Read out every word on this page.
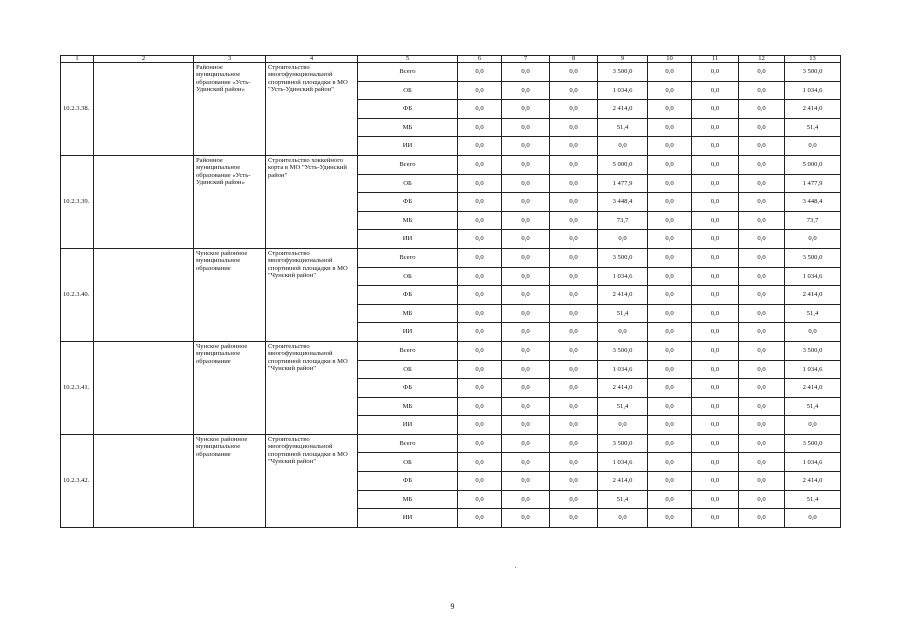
1	2	3	4	5	6	7	8	9	10	11	12	13
10.2.3.38.		Районное муниципальное образование «Усть-Удинский район»	Строительство многофункциональной спортивной площадки в МО "Усть-Удинский район"	Всего	0,0	0,0	0,0	3 500,0	0,0	0,0	0,0	3 500,0
				ОБ	0,0	0,0	0,0	1 034,6	0,0	0,0	0,0	1 034,6
				ФБ	0,0	0,0	0,0	2 414,0	0,0	0,0	0,0	2 414,0
				МБ	0,0	0,0	0,0	51,4	0,0	0,0	0,0	51,4
				ИИ	0,0	0,0	0,0	0,0	0,0	0,0	0,0	0,0
10.2.3.39.		Районное муниципальное образование «Усть-Удинский район»	Строительство хоккейного корта в МО "Усть-Удинский район"	Всего	0,0	0,0	0,0	5 000,0	0,0	0,0	0,0	5 000,0
				ОБ	0,0	0,0	0,0	1 477,9	0,0	0,0	0,0	1 477,9
				ФБ	0,0	0,0	0,0	3 448,4	0,0	0,0	0,0	3 448,4
				МБ	0,0	0,0	0,0	73,7	0,0	0,0	0,0	73,7
				ИИ	0,0	0,0	0,0	0,0	0,0	0,0	0,0	0,0
10.2.3.40.		Чунское районное муниципальное образование	Строительство многофункциональной спортивной площадки в МО "Чунский район"	Всего	0,0	0,0	0,0	3 500,0	0,0	0,0	0,0	3 500,0
				ОБ	0,0	0,0	0,0	1 034,6	0,0	0,0	0,0	1 034,6
				ФБ	0,0	0,0	0,0	2 414,0	0,0	0,0	0,0	2 414,0
				МБ	0,0	0,0	0,0	51,4	0,0	0,0	0,0	51,4
				ИИ	0,0	0,0	0,0	0,0	0,0	0,0	0,0	0,0
10.2.3.41.		Чунское районное муниципальное образование	Строительство многофункциональной спортивной площадки в МО "Чунский район"	Всего	0,0	0,0	0,0	3 500,0	0,0	0,0	0,0	3 500,0
				ОБ	0,0	0,0	0,0	1 034,6	0,0	0,0	0,0	1 034,6
				ФБ	0,0	0,0	0,0	2 414,0	0,0	0,0	0,0	2 414,0
				МБ	0,0	0,0	0,0	51,4	0,0	0,0	0,0	51,4
				ИИ	0,0	0,0	0,0	0,0	0,0	0,0	0,0	0,0
10.2.3.42.		Чунское районное муниципальное образование	Строительство многофункциональной спортивной площадки в МО "Чунский район"	Всего	0,0	0,0	0,0	3 500,0	0,0	0,0	0,0	3 500,0
				ОБ	0,0	0,0	0,0	1 034,6	0,0	0,0	0,0	1 034,6
				ФБ	0,0	0,0	0,0	2 414,0	0,0	0,0	0,0	2 414,0
				МБ	0,0	0,0	0,0	51,4	0,0	0,0	0,0	51,4
				ИИ	0,0	0,0	0,0	0,0	0,0	0,0	0,0	0,0
9
